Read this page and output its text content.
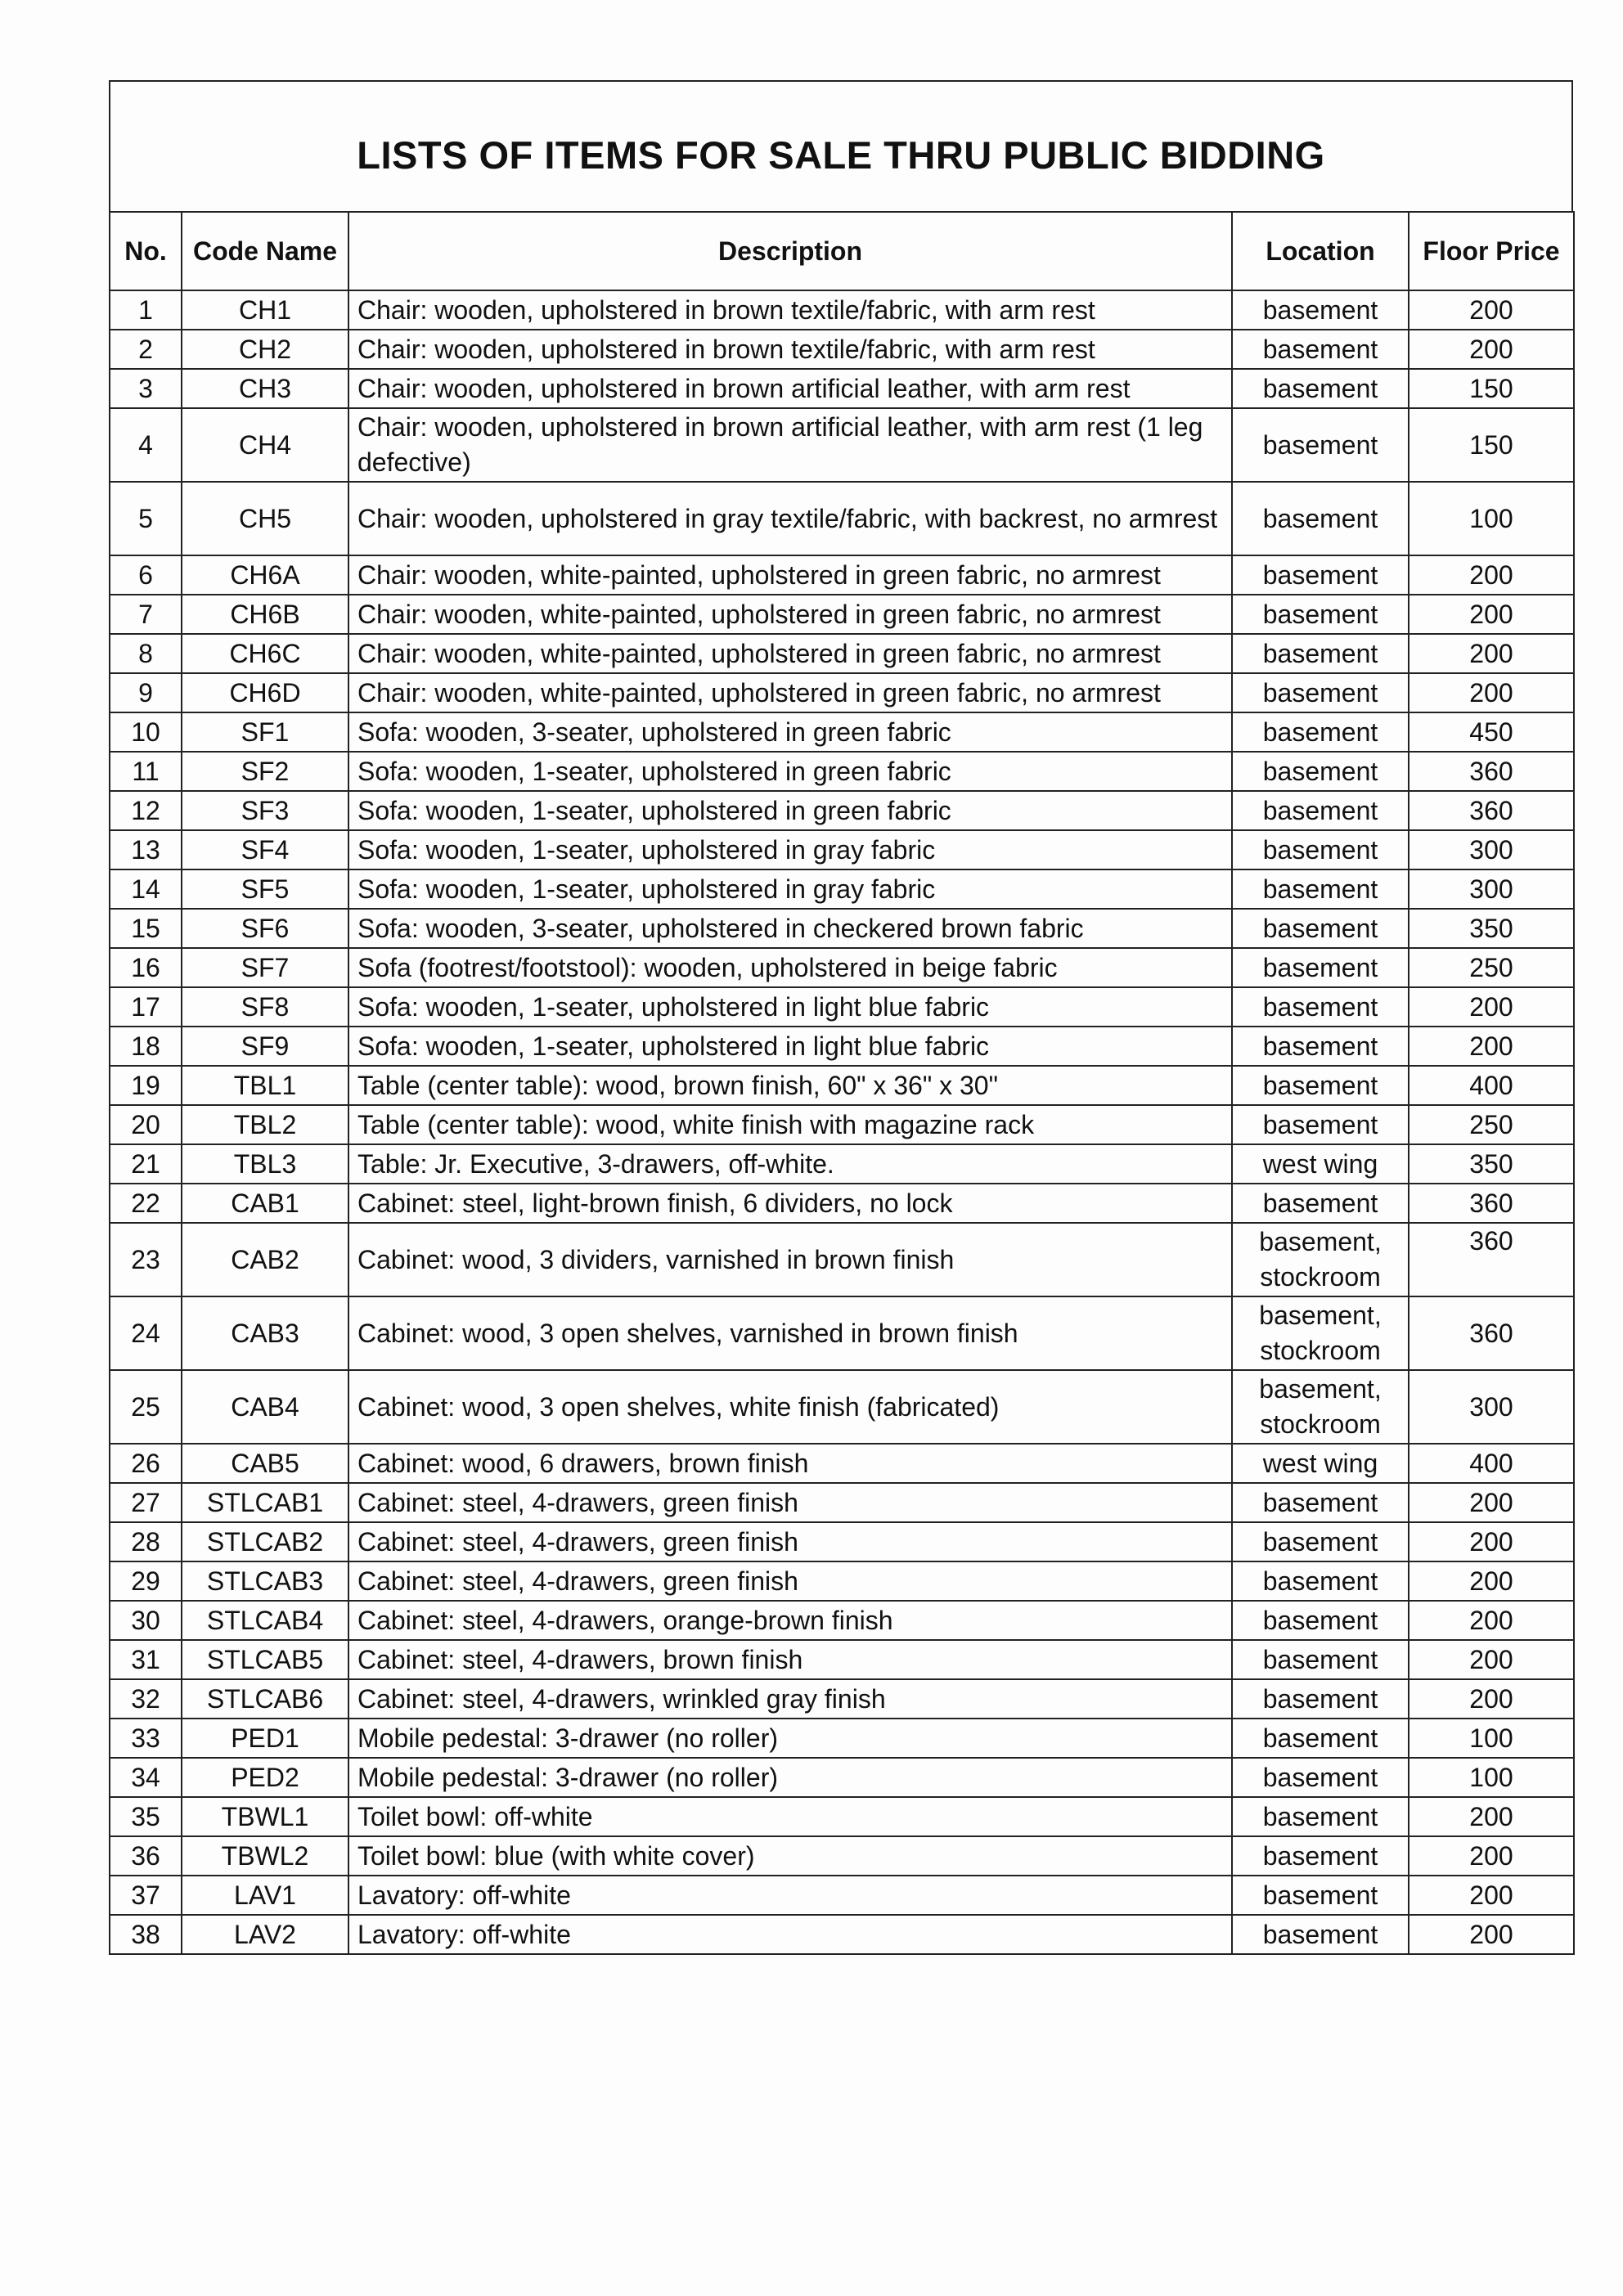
LISTS OF ITEMS FOR SALE THRU PUBLIC BIDDING
No.	Code Name	Description	Location	Floor Price
1	CH1	Chair: wooden, upholstered in brown textile/fabric, with arm rest	basement	200
2	CH2	Chair: wooden, upholstered in brown textile/fabric, with arm rest	basement	200
3	CH3	Chair: wooden, upholstered in brown artificial leather, with arm rest	basement	150
4	CH4	Chair: wooden, upholstered in brown artificial leather, with arm rest (1 leg defective)	basement	150
5	CH5	Chair: wooden, upholstered in gray textile/fabric, with backrest, no armrest	basement	100
6	CH6A	Chair: wooden, white-painted, upholstered in green fabric, no armrest	basement	200
7	CH6B	Chair: wooden, white-painted, upholstered in green fabric, no armrest	basement	200
8	CH6C	Chair: wooden, white-painted, upholstered in green fabric, no armrest	basement	200
9	CH6D	Chair: wooden, white-painted, upholstered in green fabric, no armrest	basement	200
10	SF1	Sofa: wooden, 3-seater, upholstered in green fabric	basement	450
11	SF2	Sofa: wooden, 1-seater, upholstered in green fabric	basement	360
12	SF3	Sofa: wooden, 1-seater, upholstered in green fabric	basement	360
13	SF4	Sofa: wooden, 1-seater, upholstered in gray fabric	basement	300
14	SF5	Sofa: wooden, 1-seater, upholstered in gray fabric	basement	300
15	SF6	Sofa: wooden, 3-seater, upholstered in checkered brown fabric	basement	350
16	SF7	Sofa (footrest/footstool): wooden, upholstered in beige fabric	basement	250
17	SF8	Sofa: wooden, 1-seater, upholstered in light blue fabric	basement	200
18	SF9	Sofa: wooden, 1-seater, upholstered in light blue fabric	basement	200
19	TBL1	Table (center table): wood, brown finish, 60" x 36" x 30"	basement	400
20	TBL2	Table (center table): wood, white finish with magazine rack	basement	250
21	TBL3	Table: Jr. Executive, 3-drawers, off-white.	west wing	350
22	CAB1	Cabinet: steel, light-brown finish, 6 dividers, no lock	basement	360
23	CAB2	Cabinet: wood, 3 dividers, varnished in brown finish	basement, stockroom	360
24	CAB3	Cabinet: wood, 3 open shelves, varnished in brown finish	basement, stockroom	360
25	CAB4	Cabinet: wood, 3 open shelves, white finish (fabricated)	basement, stockroom	300
26	CAB5	Cabinet: wood, 6 drawers, brown finish	west wing	400
27	STLCAB1	Cabinet: steel, 4-drawers, green finish	basement	200
28	STLCAB2	Cabinet: steel, 4-drawers, green finish	basement	200
29	STLCAB3	Cabinet: steel, 4-drawers, green finish	basement	200
30	STLCAB4	Cabinet: steel, 4-drawers, orange-brown finish	basement	200
31	STLCAB5	Cabinet: steel, 4-drawers, brown finish	basement	200
32	STLCAB6	Cabinet: steel, 4-drawers, wrinkled gray finish	basement	200
33	PED1	Mobile pedestal: 3-drawer (no roller)	basement	100
34	PED2	Mobile pedestal: 3-drawer (no roller)	basement	100
35	TBWL1	Toilet bowl: off-white	basement	200
36	TBWL2	Toilet bowl: blue (with white cover)	basement	200
37	LAV1	Lavatory: off-white	basement	200
38	LAV2	Lavatory: off-white	basement	200
